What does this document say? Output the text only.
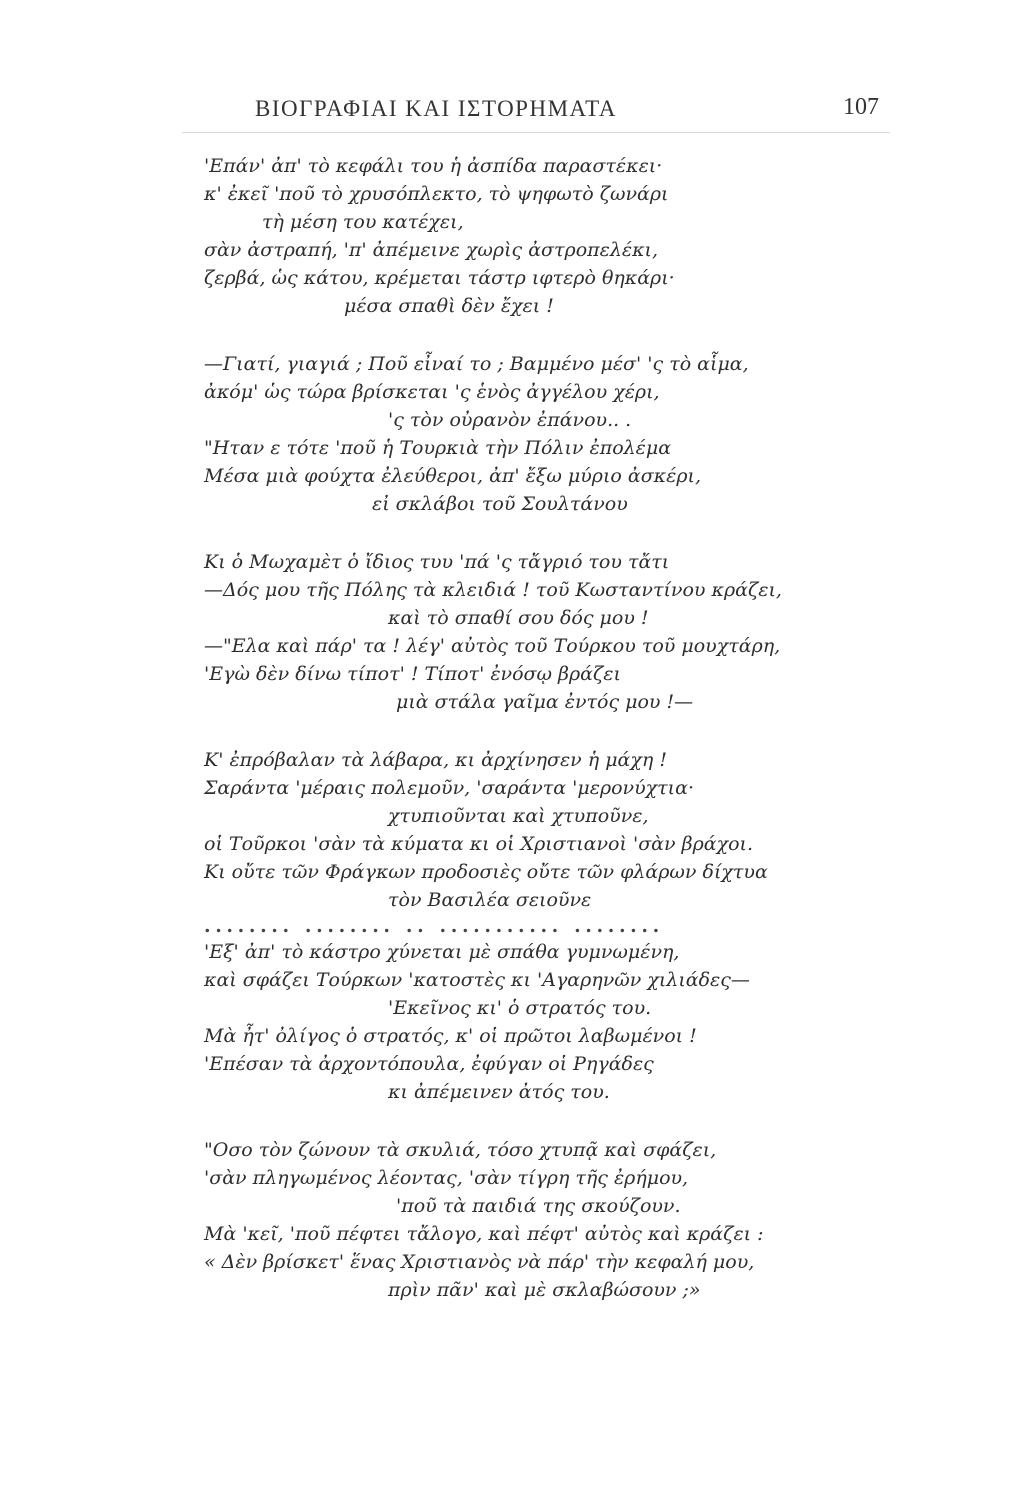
ΒΙΟΓΡΑΦΙΑΙ ΚΑΙ ΙΣΤΟΡΗΜΑΤΑ	107
'Επάν' ἀπ' τὸ κεφάλι του ἡ ἀσπίδα παραστέκει·
κ' ἐκεῖ 'ποῦ τὸ χρυσόπλεκτο, τὸ ψηφωτὸ ζωνάρι
τὴ μέση του κατέχει,
σὰν ἀστραπή, 'π' ἀπέμεινε χωρὶς ἀστροπελέκι,
ζερβά, ὡς κάτου, κρέμεται τάστρ ιφτερὸ θηκάρι·
μέσα σπαθὶ δὲν ἔχει !
—Γιατί, γιαγιά ; Ποῦ εἶναί το ; Βαμμένο μέσ' 'ς τὸ αἷμα,
ἀκόμ' ὡς τώρα βρίσκεται 'ς ἑνὸς ἀγγέλου χέρι,
'ς τὸν οὐρανὸν ἐπάνου.. .
"Ηταν ε τότε 'ποῦ ἡ Τουρκιὰ τὴν Πόλιν ἐπολέμα
Μέσα μιὰ φούχτα ἐλεύθεροι, ἀπ' ἔξω μύριο ἀσκέρι,
εἰ σκλάβοι τοῦ Σουλτάνου
Κι ὁ Μωχαμὲτ ὁ ἴδιος τυυ 'πά 'ς τἄγριό του τἄτι
—Δός μου τῆς Πόλης τὰ κλειδιά ! τοῦ Κωσταντίνου κράζει,
καὶ τὸ σπαθί σου δός μου !
—"Ελα καὶ πάρ' τα ! λέγ' αὐτὸς τοῦ Τούρκου τοῦ μουχτάρη,
'Εγὼ δὲν δίνω τίποτ' ! Τίποτ' ἐνόσῳ βράζει
μιὰ στάλα γαῖμα ἐντός μου !—
Κ' ἐπρόβαλαν τὰ λάβαρα, κι ἀρχίνησεν ἡ μάχη !
Σαράντα 'μέραις πολεμοῦν, 'σαράντα 'μερονύχτια·
χτυπιοῦνται καὶ χτυποῦνε,
οἱ Τοῦρκοι 'σὰν τὰ κύματα κι οἱ Χριστιανοὶ 'σὰν βράχοι.
Κι οὔτε τῶν Φράγκων προδοσιὲς οὔτε τῶν φλάρων δίχτυα
τὸν Βασιλέα σειοῦνε
........ ........ .. ........... ........
'Εξ' ἀπ' τὸ κάστρο χύνεται μὲ σπάθα γυμνωμένη,
καὶ σφάζει Τούρκων 'κατοστὲς κι 'Αγαρηνῶν χιλιάδες—
'Εκεῖνος κι' ὁ στρατός του.
Μὰ ἦτ' ὀλίγος ὁ στρατός, κ' οἱ πρῶτοι λαβωμένοι !
'Επέσαν τὰ ἀρχοντόπουλα, ἐφύγαν οἱ Ρηγάδες
κι ἀπέμεινεν ἀτός του.
"Οσο τὸν ζώνουν τὰ σκυλιά, τόσο χτυπᾷ καὶ σφάζει,
'σὰν πληγωμένος λέοντας, 'σὰν τίγρη τῆς ἐρήμου,
'ποῦ τὰ παιδιά της σκούζουν.
Μὰ 'κεῖ, 'ποῦ πέφτει τἄλογο, καὶ πέφτ' αὐτὸς καὶ κράζει :
« Δὲν βρίσκετ' ἕνας Χριστιανὸς νὰ πάρ' τὴν κεφαλή μου,
πρὶν πᾶν' καὶ μὲ σκλαβώσουν ;»
